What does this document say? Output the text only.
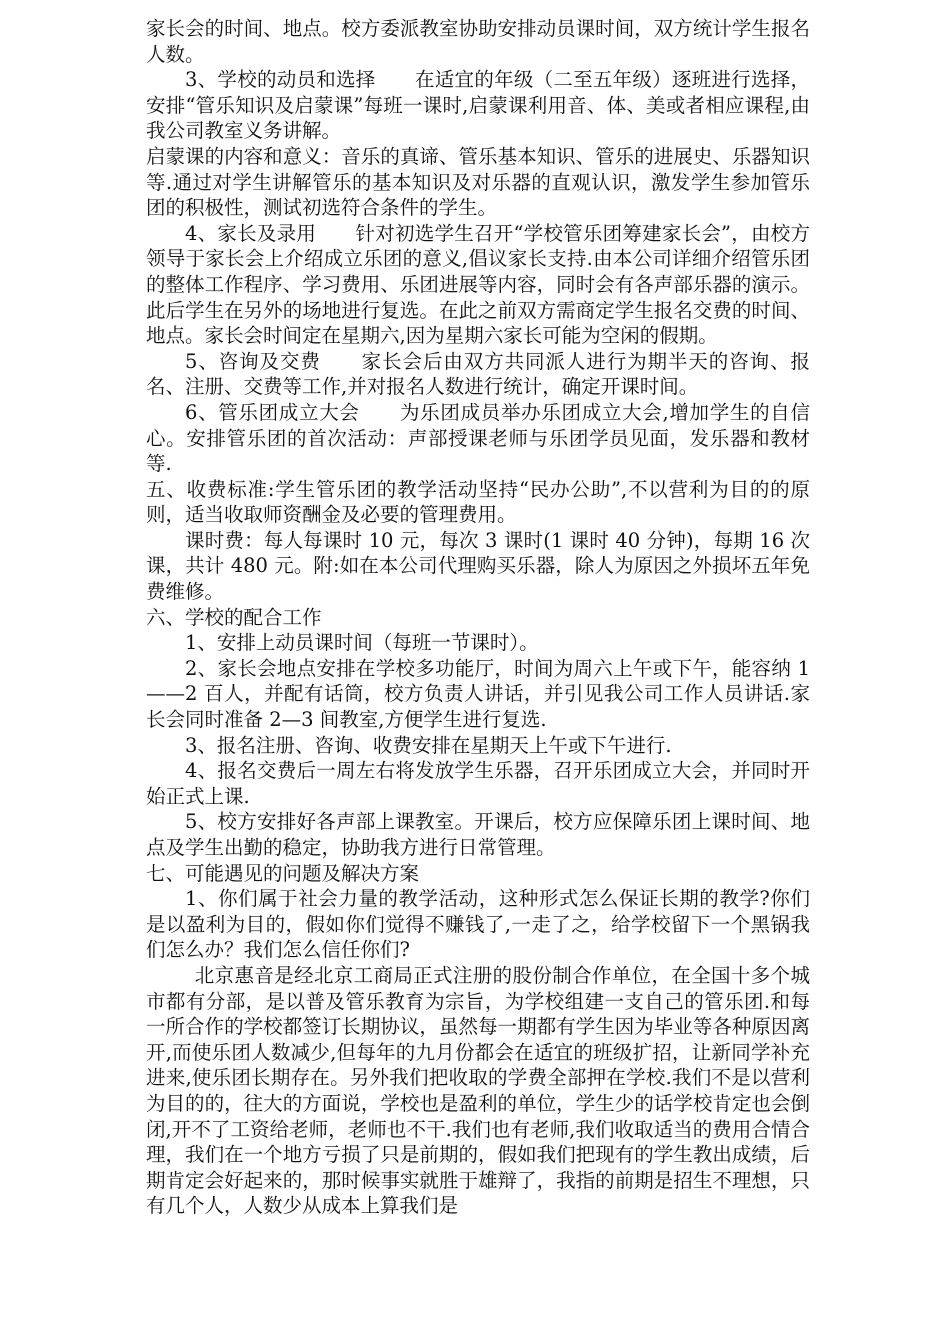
家长会的时间、地点。校方委派教室协助安排动员课时间，双方统计学生报名人数。

3、学校的动员和选择　　在适宜的年级（二至五年级）逐班进行选择，安排“管乐知识及启蒙课”每班一课时,启蒙课利用音、体、美或者相应课程,由我公司教室义务讲解。

启蒙课的内容和意义：音乐的真谛、管乐基本知识、管乐的进展史、乐器知识等.通过对学生讲解管乐的基本知识及对乐器的直观认识，激发学生参加管乐团的积极性，测试初选符合条件的学生。

4、家长及录用　　针对初选学生召开“学校管乐团筹建家长会”，由校方领导于家长会上介绍成立乐团的意义,倡议家长支持.由本公司详细介绍管乐团的整体工作程序、学习费用、乐团进展等内容，同时会有各声部乐器的演示。此后学生在另外的场地进行复选。在此之前双方需商定学生报名交费的时间、地点。家长会时间定在星期六,因为星期六家长可能为空闲的假期。

5、咨询及交费　　家长会后由双方共同派人进行为期半天的咨询、报名、注册、交费等工作,并对报名人数进行统计，确定开课时间。

6、管乐团成立大会　　为乐团成员举办乐团成立大会,增加学生的自信心。安排管乐团的首次活动：声部授课老师与乐团学员见面，发乐器和教材等.

五、收费标准:学生管乐团的教学活动坚持“民办公助”,不以营利为目的的原则，适当收取师资酬金及必要的管理费用。

课时费：每人每课时 10 元，每次 3 课时(1 课时 40 分钟)，每期 16 次课，共计 480 元。附:如在本公司代理购买乐器，除人为原因之外损坏五年免费维修。

六、学校的配合工作

1、安排上动员课时间（每班一节课时）。

2、家长会地点安排在学校多功能厅，时间为周六上午或下午，能容纳 1——2 百人，并配有话筒，校方负责人讲话，并引见我公司工作人员讲话.家长会同时准备 2—3 间教室,方便学生进行复选.

3、报名注册、咨询、收费安排在星期天上午或下午进行.

4、报名交费后一周左右将发放学生乐器，召开乐团成立大会，并同时开始正式上课.

5、校方安排好各声部上课教室。开课后，校方应保障乐团上课时间、地点及学生出勤的稳定，协助我方进行日常管理。

七、可能遇见的问题及解决方案

1、你们属于社会力量的教学活动，这种形式怎么保证长期的教学?你们是以盈利为目的，假如你们觉得不赚钱了,一走了之，给学校留下一个黑锅我们怎么办？我们怎么信任你们?

北京惠音是经北京工商局正式注册的股份制合作单位，在全国十多个城市都有分部，是以普及管乐教育为宗旨，为学校组建一支自己的管乐团.和每一所合作的学校都签订长期协议，虽然每一期都有学生因为毕业等各种原因离开,而使乐团人数减少,但每年的九月份都会在适宜的班级扩招，让新同学补充进来,使乐团长期存在。另外我们把收取的学费全部押在学校.我们不是以营利为目的的，往大的方面说，学校也是盈利的单位，学生少的话学校肯定也会倒闭,开不了工资给老师，老师也不干.我们也有老师,我们收取适当的费用合情合理，我们在一个地方亏损了只是前期的，假如我们把现有的学生教出成绩，后期肯定会好起来的，那时候事实就胜于雄辩了，我指的前期是招生不理想，只有几个人，人数少从成本上算我们是
